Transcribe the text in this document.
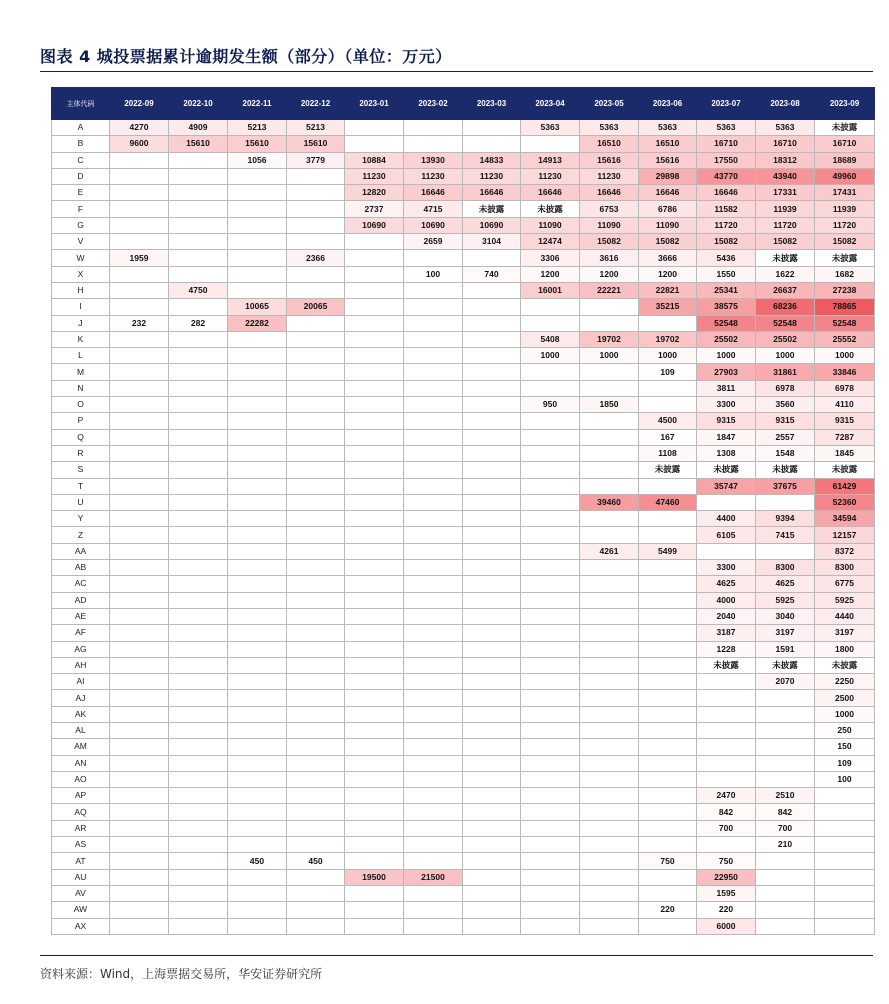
图表 4 城投票据累计逾期发生额（部分）（单位：万元）
主体代码	2022-09	2022-10	2022-11	2022-12	2023-01	2023-02	2023-03	2023-04	2023-05	2023-06	2023-07	2023-08	2023-09
A	4270	4909	5213	5213				5363	5363	5363	5363	5363	未披露
B	9600	15610	15610	15610					16510	16510	16710	16710	16710
C			1056	3779	10884	13930	14833	14913	15616	15616	17550	18312	18689
D					11230	11230	11230	11230	11230	29898	43770	43940	49960
E					12820	16646	16646	16646	16646	16646	16646	17331	17431
F					2737	4715	未披露	未披露	6753	6786	11582	11939	11939
G					10690	10690	10690	11090	11090	11090	11720	11720	11720
V						2659	3104	12474	15082	15082	15082	15082	15082
W	1959			2366				3306	3616	3666	5436	未披露	未披露
X						100	740	1200	1200	1200	1550	1622	1682
H		4750						16001	22221	22821	25341	26637	27238
I			10065	20065						35215	38575	68236	78865
J	232	282	22282								52548	52548	52548
K								5408	19702	19702	25502	25502	25552
L								1000	1000	1000	1000	1000	1000
M										109	27903	31861	33846
N											3811	6978	6978
O								950	1850		3300	3560	4110
P										4500	9315	9315	9315
Q										167	1847	2557	7287
R										1108	1308	1548	1845
S										未披露	未披露	未披露	未披露
T											35747	37675	61429
U									39460	47460			52360
Y											4400	9394	34594
Z											6105	7415	12157
AA									4261	5499			8372
AB											3300	8300	8300
AC											4625	4625	6775
AD											4000	5925	5925
AE											2040	3040	4440
AF											3187	3197	3197
AG											1228	1591	1800
AH											未披露	未披露	未披露
AI												2070	2250
AJ													2500
AK													1000
AL													250
AM													150
AN													109
AO													100
AP											2470	2510	
AQ											842	842	
AR											700	700	
AS												210	
AT			450	450						750	750		
AU					19500	21500					22950		
AV											1595		
AW										220	220		
AX											6000		
资料来源：Wind，上海票据交易所，华安证券研究所
